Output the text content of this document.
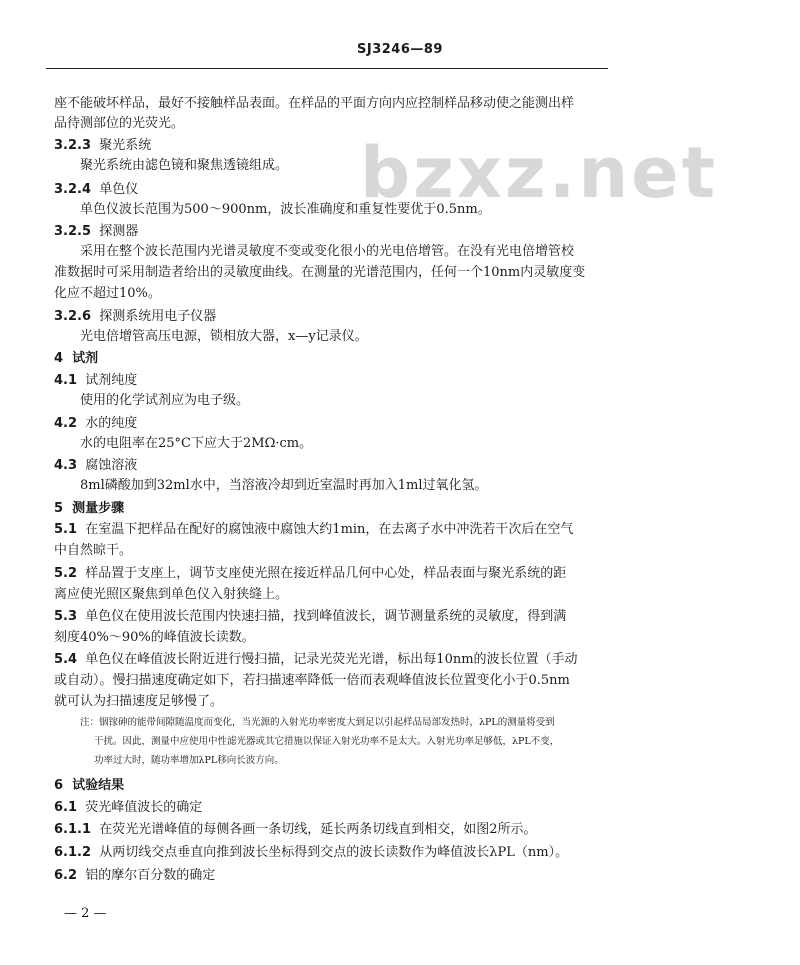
SJ3246—89
bzxz.net
座不能破坏样品，最好不接触样品表面。在样品的平面方向内应控制样品移动使之能测出样
品待测部位的光荧光。
3.2.3 聚光系统
聚光系统由滤色镜和聚焦透镜组成。
3.2.4 单色仪
单色仪波长范围为500～900nm，波长准确度和重复性要优于0.5nm。
3.2.5 探测器
采用在整个波长范围内光谱灵敏度不变或变化很小的光电倍增管。在没有光电倍增管校
准数据时可采用制造者给出的灵敏度曲线。在测量的光谱范围内，任何一个10nm内灵敏度变
化应不超过10%。
3.2.6 探测系统用电子仪器
光电倍增管高压电源，锁相放大器，x—y记录仪。
4 试剂
4.1 试剂纯度
使用的化学试剂应为电子级。
4.2 水的纯度
水的电阻率在25°C下应大于2MΩ·cm。
4.3 腐蚀溶液
8ml磷酸加到32ml水中，当溶液冷却到近室温时再加入1ml过氧化氢。
5 测量步骤
5.1 在室温下把样品在配好的腐蚀液中腐蚀大约1min，在去离子水中冲洗若干次后在空气
中自然晾干。
5.2 样品置于支座上，调节支座使光照在接近样品几何中心处，样品表面与聚光系统的距
离应使光照区聚焦到单色仪入射狭缝上。
5.3 单色仪在使用波长范围内快速扫描，找到峰值波长，调节测量系统的灵敏度，得到满
刻度40%～90%的峰值波长读数。
5.4 单色仪在峰值波长附近进行慢扫描，记录光荧光光谱，标出每10nm的波长位置（手动
或自动）。慢扫描速度确定如下，若扫描速率降低一倍而表观峰值波长位置变化小于0.5nm
就可认为扫描速度足够慢了。
注：铟镓砷的能带间隙随温度而变化，当光源的入射光功率密度大到足以引起样品局部发热时，λPL的测量将受到
干扰。因此，测量中应使用中性滤光器或其它措施以保证入射光功率不是太大。入射光功率足够低，λPL不变，
功率过大时，随功率增加λPL移向长波方向。
6 试验结果
6.1 荧光峰值波长的确定
6.1.1 在荧光光谱峰值的每侧各画一条切线，延长两条切线直到相交，如图2所示。
6.1.2 从两切线交点垂直向推到波长坐标得到交点的波长读数作为峰值波长λPL（nm）。
6.2 铝的摩尔百分数的确定
— 2 —
